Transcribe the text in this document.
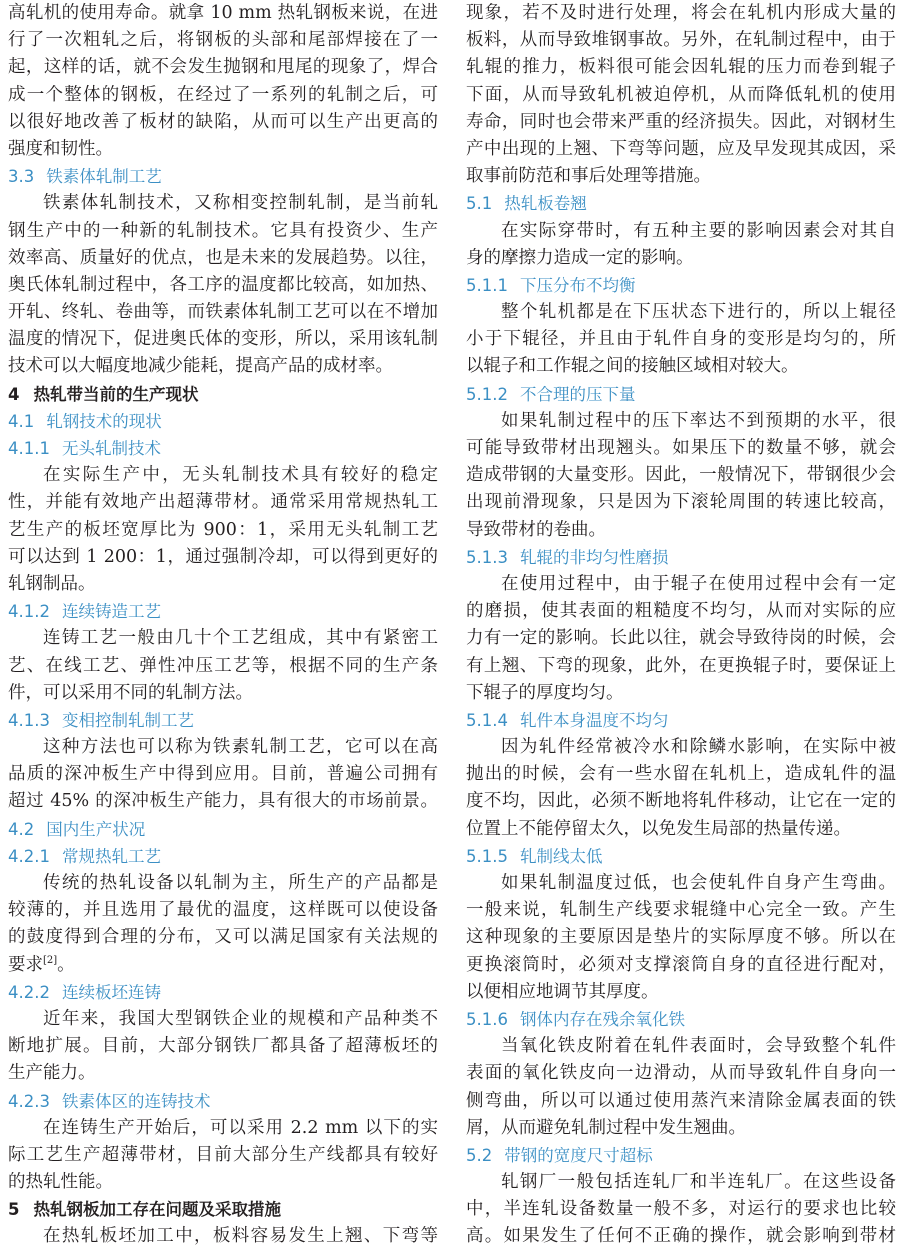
高轧机的使用寿命。就拿 10 mm 热轧钢板来说，在进
行了一次粗轧之后，将钢板的头部和尾部焊接在了一
起，这样的话，就不会发生抛钢和甩尾的现象了，焊合
成一个整体的钢板，在经过了一系列的轧制之后，可
以很好地改善了板材的缺陷，从而可以生产出更高的
强度和韧性。
3.3 铁素体轧制工艺
铁素体轧制技术，又称相变控制轧制，是当前轧
钢生产中的一种新的轧制技术。它具有投资少、生产
效率高、质量好的优点，也是未来的发展趋势。以往，
奥氏体轧制过程中，各工序的温度都比较高，如加热、
开轧、终轧、卷曲等，而铁素体轧制工艺可以在不增加
温度的情况下，促进奥氏体的变形，所以，采用该轧制
技术可以大幅度地减少能耗，提高产品的成材率。
4 热轧带当前的生产现状
4.1 轧钢技术的现状
4.1.1 无头轧制技术
在实际生产中，无头轧制技术具有较好的稳定
性，并能有效地产出超薄带材。通常采用常规热轧工
艺生产的板坯宽厚比为 900：1，采用无头轧制工艺
可以达到 1 200：1，通过强制冷却，可以得到更好的
轧钢制品。
4.1.2 连续铸造工艺
连铸工艺一般由几十个工艺组成，其中有紧密工
艺、在线工艺、弹性冲压工艺等，根据不同的生产条
件，可以采用不同的轧制方法。
4.1.3 变相控制轧制工艺
这种方法也可以称为铁素轧制工艺，它可以在高
品质的深冲板生产中得到应用。目前，普遍公司拥有
超过 45% 的深冲板生产能力，具有很大的市场前景。
4.2 国内生产状况
4.2.1 常规热轧工艺
传统的热轧设备以轧制为主，所生产的产品都是
较薄的，并且选用了最优的温度，这样既可以使设备
的鼓度得到合理的分布，又可以满足国家有关法规的
要求[2]。
4.2.2 连续板坯连铸
近年来，我国大型钢铁企业的规模和产品种类不
断地扩展。目前，大部分钢铁厂都具备了超薄板坯的
生产能力。
4.2.3 铁素体区的连铸技术
在连铸生产开始后，可以采用 2.2 mm 以下的实
际工艺生产超薄带材，目前大部分生产线都具有较好
的热轧性能。
5 热轧钢板加工存在问题及采取措施
在热轧板坯加工中，板料容易发生上翘、下弯等
现象，若不及时进行处理，将会在轧机内形成大量的
板料，从而导致堆钢事故。另外，在轧制过程中，由于
轧辊的推力，板料很可能会因轧辊的压力而卷到辊子
下面，从而导致轧机被迫停机，从而降低轧机的使用
寿命，同时也会带来严重的经济损失。因此，对钢材生
产中出现的上翘、下弯等问题，应及早发现其成因，采
取事前防范和事后处理等措施。
5.1 热轧板卷翘
在实际穿带时，有五种主要的影响因素会对其自
身的摩擦力造成一定的影响。
5.1.1 下压分布不均衡
整个轧机都是在下压状态下进行的，所以上辊径
小于下辊径，并且由于轧件自身的变形是均匀的，所
以辊子和工作辊之间的接触区域相对较大。
5.1.2 不合理的压下量
如果轧制过程中的压下率达不到预期的水平，很
可能导致带材出现翘头。如果压下的数量不够，就会
造成带钢的大量变形。因此，一般情况下，带钢很少会
出现前滑现象，只是因为下滚轮周围的转速比较高，
导致带材的卷曲。
5.1.3 轧辊的非均匀性磨损
在使用过程中，由于辊子在使用过程中会有一定
的磨损，使其表面的粗糙度不均匀，从而对实际的应
力有一定的影响。长此以往，就会导致待岗的时候，会
有上翘、下弯的现象，此外，在更换辊子时，要保证上
下辊子的厚度均匀。
5.1.4 轧件本身温度不均匀
因为轧件经常被冷水和除鳞水影响，在实际中被
抛出的时候，会有一些水留在轧机上，造成轧件的温
度不均，因此，必须不断地将轧件移动，让它在一定的
位置上不能停留太久，以免发生局部的热量传递。
5.1.5 轧制线太低
如果轧制温度过低，也会使轧件自身产生弯曲。
一般来说，轧制生产线要求辊缝中心完全一致。产生
这种现象的主要原因是垫片的实际厚度不够。所以在
更换滚筒时，必须对支撑滚筒自身的直径进行配对，
以便相应地调节其厚度。
5.1.6 钢体内存在残余氧化铁
当氧化铁皮附着在轧件表面时，会导致整个轧件
表面的氧化铁皮向一边滑动，从而导致轧件自身向一
侧弯曲，所以可以通过使用蒸汽来清除金属表面的铁
屑，从而避免轧制过程中发生翘曲。
5.2 带钢的宽度尺寸超标
轧钢厂一般包括连轧厂和半连轧厂。在这些设备
中，半连轧设备数量一般不多，对运行的要求也比较
高。如果发生了任何不正确的操作，就会影响到带材
